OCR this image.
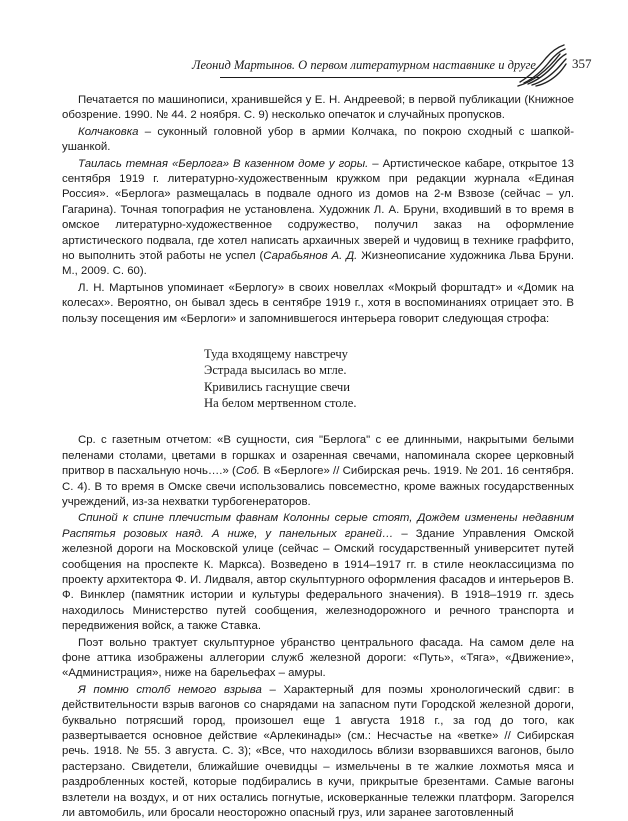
Леонид Мартынов. О первом литературном наставнике и друге	357

Печатается по машинописи, хранившейся у Е. Н. Андреевой; в первой публикации (Книжное обозрение. 1990. № 44. 2 ноября. С. 9) несколько опечаток и случайных пропусков.

Колчаковка – суконный головной убор в армии Колчака, по покрою сходный с шапкой-ушанкой.

Таилась темная «Берлога» В казенном доме у горы. – Артистическое кабаре, открытое 13 сентября 1919 г. литературно-художественным кружком при редакции журнала «Единая Россия». «Берлога» размещалась в подвале одного из домов на 2-м Взвозе (сейчас – ул. Гагарина). Точная топография не установлена. Художник Л. А. Бруни, входивший в то время в омское литературно-художественное содружество, получил заказ на оформление артистического подвала, где хотел написать архаичных зверей и чудовищ в технике граффито, но выполнить этой работы не успел (Сарабьянов А. Д. Жизнеописание художника Льва Бруни. М., 2009. С. 60).

Л. Н. Мартынов упоминает «Берлогу» в своих новеллах «Мокрый форштадт» и «Домик на колесах». Вероятно, он бывал здесь в сентябре 1919 г., хотя в воспоминаниях отрицает это. В пользу посещения им «Берлоги» и запомнившегося интерьера говорит следующая строфа:

Туда входящему навстречу
Эстрада высилась во мгле.
Кривились гаснущие свечи
На белом мертвенном столе.

Ср. с газетным отчетом: «В сущности, сия "Берлога" с ее длинными, накрытыми белыми пеленами столами, цветами в горшках и озаренная свечами, напоминала скорее церковный притвор в пасхальную ночь….» (Соб. В «Берлоге» // Сибирская речь. 1919. № 201. 16 сентября. С. 4). В то время в Омске свечи использовались повсеместно, кроме важных государственных учреждений, из-за нехватки турбогенераторов.

Спиной к спине плечистым фавнам Колонны серые стоят, Дождем изменены недавним Распятья розовых наяд. А ниже, у панельных граней… – Здание Управления Омской железной дороги на Московской улице (сейчас – Омский государственный университет путей сообщения на проспекте К. Маркса). Возведено в 1914–1917 гг. в стиле неоклассицизма по проекту архитектора Ф. И. Лидваля, автор скульптурного оформления фасадов и интерьеров В. Ф. Винклер (памятник истории и культуры федерального значения). В 1918–1919 гг. здесь находилось Министерство путей сообщения, железнодорожного и речного транспорта и передвижения войск, а также Ставка.

Поэт вольно трактует скульптурное убранство центрального фасада. На самом деле на фоне аттика изображены аллегории служб железной дороги: «Путь», «Тяга», «Движение», «Администрация», ниже на барельефах – амуры.

Я помню столб немого взрыва – Характерный для поэмы хронологический сдвиг: в действительности взрыв вагонов со снарядами на запасном пути Городской железной дороги, буквально потрясший город, произошел еще 1 августа 1918 г., за год до того, как развертывается основное действие «Арлекинады» (см.: Несчастье на «ветке» // Сибирская речь. 1918. № 55. 3 августа. С. 3); «Все, что находилось вблизи взорвавшихся вагонов, было растерзано. Свидетели, ближайшие очевидцы – измельчены в те жалкие лохмотья мяса и раздробленных костей, которые подбирались в кучи, прикрытые брезентами. Самые вагоны взлетели на воздух, и от них остались погнутые, исковерканные тележки платформ. Загорелся ли автомобиль, или бросали неосторожно опасный груз, или заранее заготовленный
